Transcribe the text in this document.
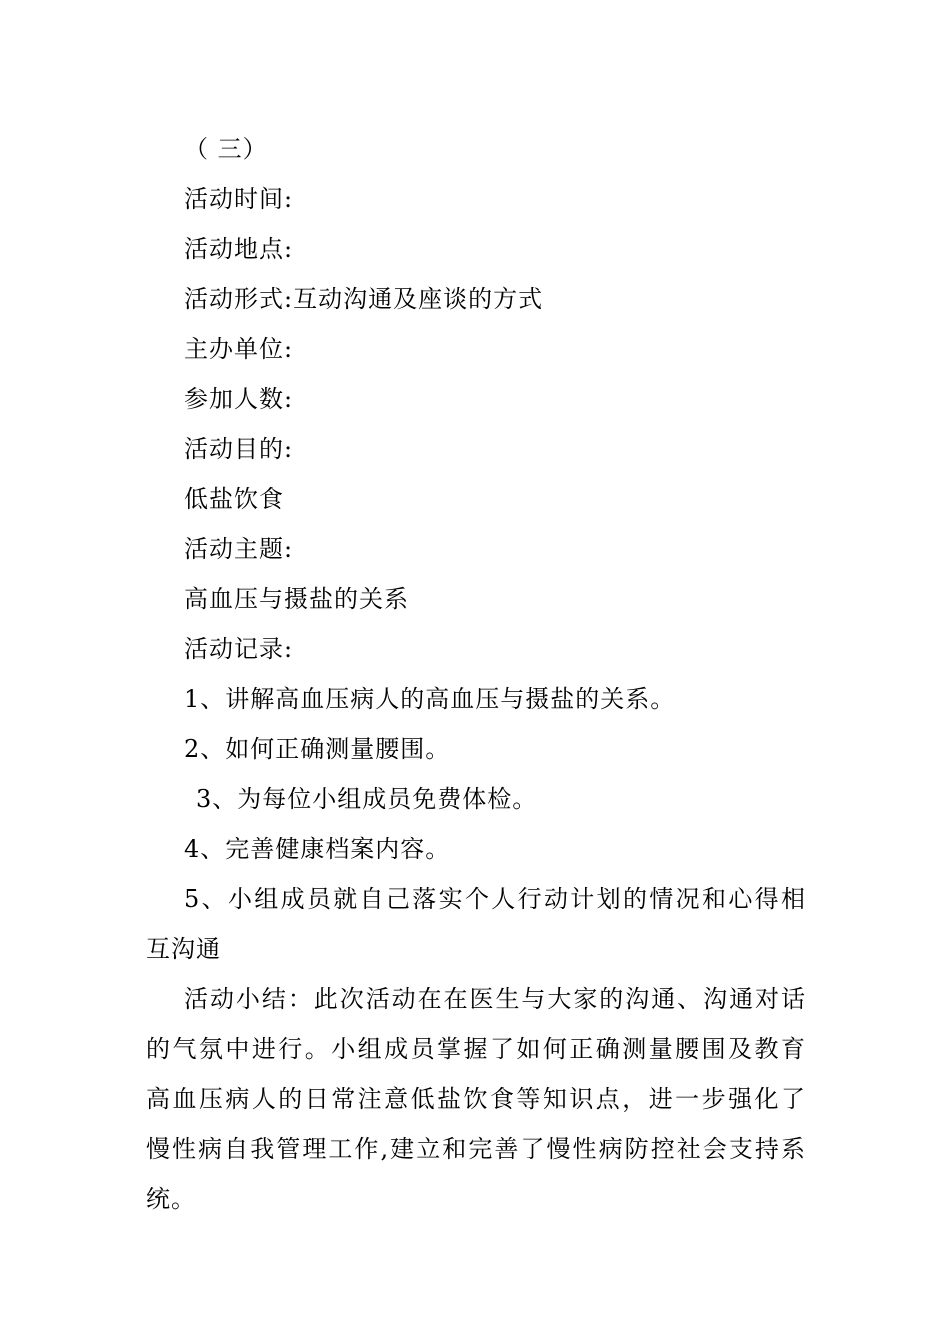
（ 三）
活动时间:
活动地点:
活动形式:互动沟通及座谈的方式
主办单位:
参加人数:
活动目的:
低盐饮食
活动主题:
高血压与摄盐的关系
活动记录:
1、讲解高血压病人的高血压与摄盐的关系。
2、如何正确测量腰围。
3、为每位小组成员免费体检。
4、完善健康档案内容。
5、小组成员就自己落实个人行动计划的情况和心得相
互沟通
活动小结：此次活动在在医生与大家的沟通、沟通对话
的气氛中进行。小组成员掌握了如何正确测量腰围及教育
高血压病人的日常注意低盐饮食等知识点，进一步强化了
慢性病自我管理工作,建立和完善了慢性病防控社会支持系
统。
